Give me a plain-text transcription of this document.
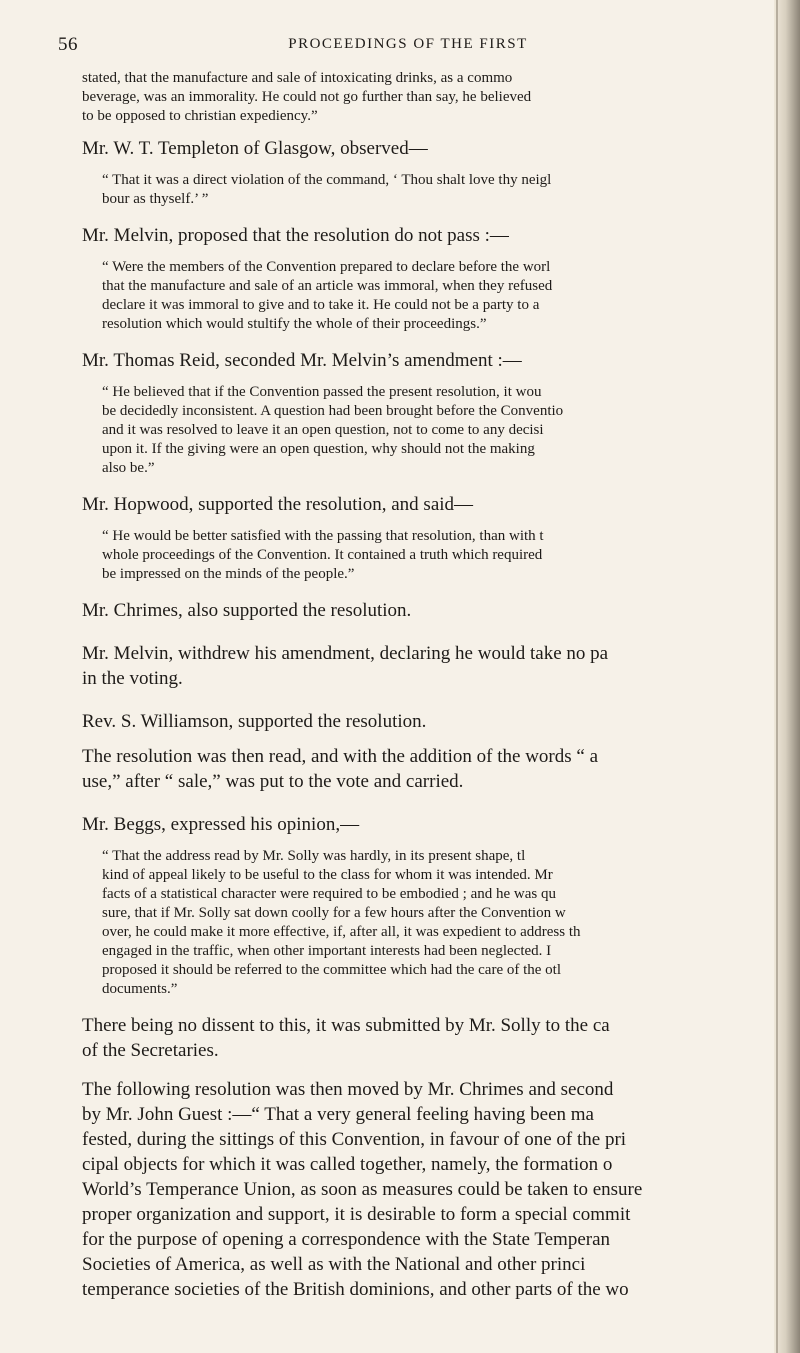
56	PROCEEDINGS OF THE FIRST

stated, that the manufacture and sale of intoxicating drinks, as a commo

beverage, was an immorality. He could not go further than say, he believed

to be opposed to christian expediency.”

Mr. W. T. Templeton of Glasgow, observed—

“ That it was a direct violation of the command, ‘ Thou shalt love thy neigl

bour as thyself.’ ”

Mr. Melvin, proposed that the resolution do not pass :—

“ Were the members of the Convention prepared to declare before the worl

that the manufacture and sale of an article was immoral, when they refused

declare it was immoral to give and to take it. He could not be a party to a

resolution which would stultify the whole of their proceedings.”

Mr. Thomas Reid, seconded Mr. Melvin’s amendment :—

“ He believed that if the Convention passed the present resolution, it wou

be decidedly inconsistent. A question had been brought before the Conventio

and it was resolved to leave it an open question, not to come to any decisi

upon it. If the giving were an open question, why should not the making

also be.”

Mr. Hopwood, supported the resolution, and said—

“ He would be better satisfied with the passing that resolution, than with t

whole proceedings of the Convention. It contained a truth which required

be impressed on the minds of the people.”

Mr. Chrimes, also supported the resolution.

Mr. Melvin, withdrew his amendment, declaring he would take no pa

in the voting.

Rev. S. Williamson, supported the resolution.

The resolution was then read, and with the addition of the words “ a

use,” after “ sale,” was put to the vote and carried.

Mr. Beggs, expressed his opinion,—

“ That the address read by Mr. Solly was hardly, in its present shape, tl

kind of appeal likely to be useful to the class for whom it was intended. Mr

facts of a statistical character were required to be embodied ; and he was qu

sure, that if Mr. Solly sat down coolly for a few hours after the Convention w

over, he could make it more effective, if, after all, it was expedient to address th

engaged in the traffic, when other important interests had been neglected. I

proposed it should be referred to the committee which had the care of the otl

documents.”

There being no dissent to this, it was submitted by Mr. Solly to the ca

of the Secretaries.

The following resolution was then moved by Mr. Chrimes and second

by Mr. John Guest :—“ That a very general feeling having been ma

fested, during the sittings of this Convention, in favour of one of the pri

cipal objects for which it was called together, namely, the formation o

World’s Temperance Union, as soon as measures could be taken to ensure

proper organization and support, it is desirable to form a special commit

for the purpose of opening a correspondence with the State Temperan

Societies of America, as well as with the National and other princi

temperance societies of the British dominions, and other parts of the wo
